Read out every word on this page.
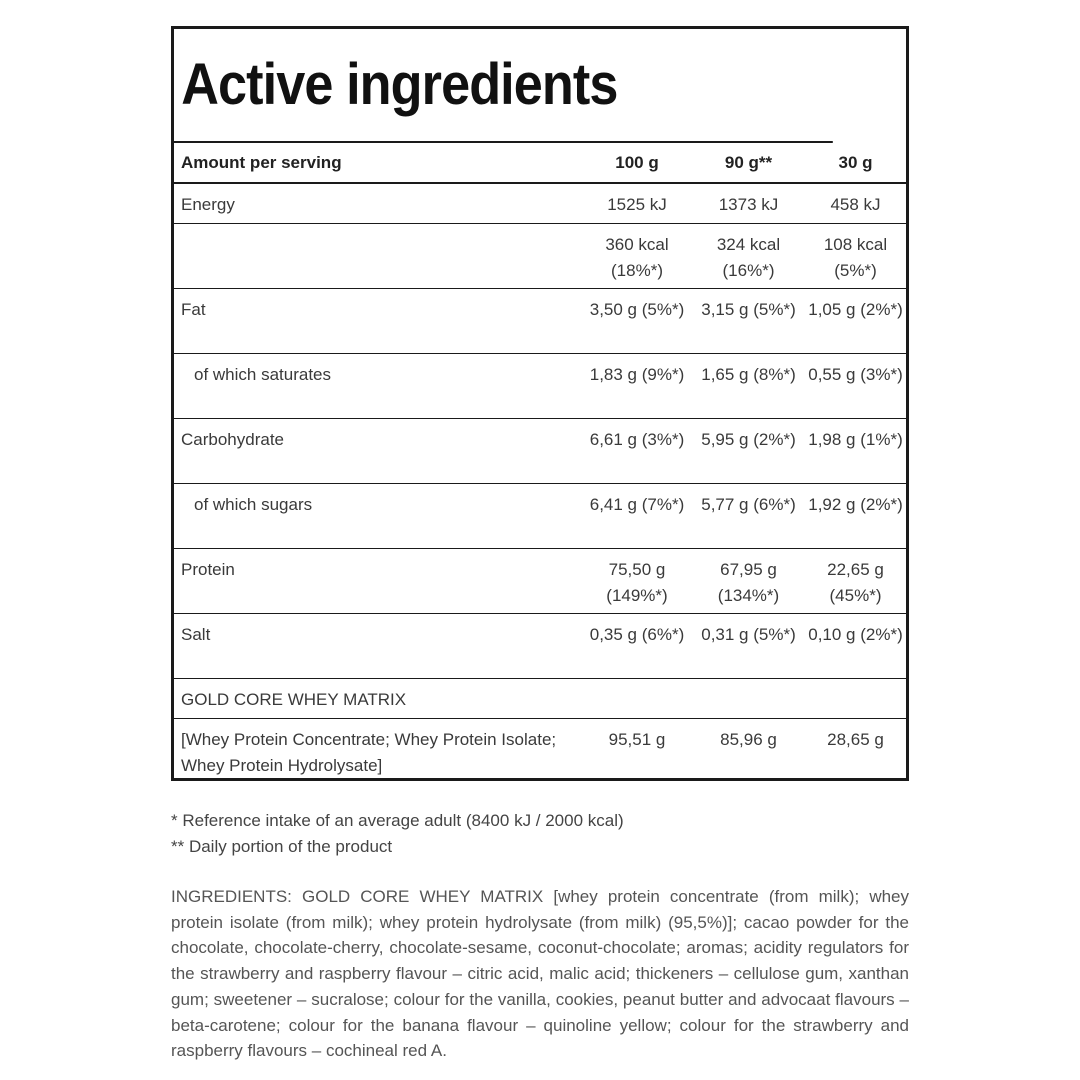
Active ingredients
Amount per serving	100 g	90 g**	30 g
Energy	1525 kJ	1373 kJ	458 kJ
	360 kcal (18%*)	324 kcal (16%*)	108 kcal (5%*)
Fat	3,50 g (5%*)	3,15 g (5%*)	1,05 g (2%*)
of which saturates	1,83 g (9%*)	1,65 g (8%*)	0,55 g (3%*)
Carbohydrate	6,61 g (3%*)	5,95 g (2%*)	1,98 g (1%*)
of which sugars	6,41 g (7%*)	5,77 g (6%*)	1,92 g (2%*)
Protein	75,50 g (149%*)	67,95 g (134%*)	22,65 g (45%*)
Salt	0,35 g (6%*)	0,31 g (5%*)	0,10 g (2%*)
GOLD CORE WHEY MATRIX			
[Whey Protein Concentrate; Whey Protein Isolate; Whey Protein Hydrolysate]	95,51 g	85,96 g	28,65 g
* Reference intake of an average adult (8400 kJ / 2000 kcal)
** Daily portion of the product
INGREDIENTS: GOLD CORE WHEY MATRIX [whey protein concentrate (from milk); whey protein isolate (from milk); whey protein hydrolysate (from milk) (95,5%)]; cacao powder for the chocolate, chocolate-cherry, chocolate-sesame, coconut-chocolate; aromas; acidity regulators for the strawberry and raspberry flavour – citric acid, malic acid; thickeners – cellulose gum, xanthan gum; sweetener – sucralose; colour for the vanilla, cookies, peanut butter and advocaat flavours – beta-carotene; colour for the banana flavour – quinoline yellow; colour for the strawberry and raspberry flavours – cochineal red A.
